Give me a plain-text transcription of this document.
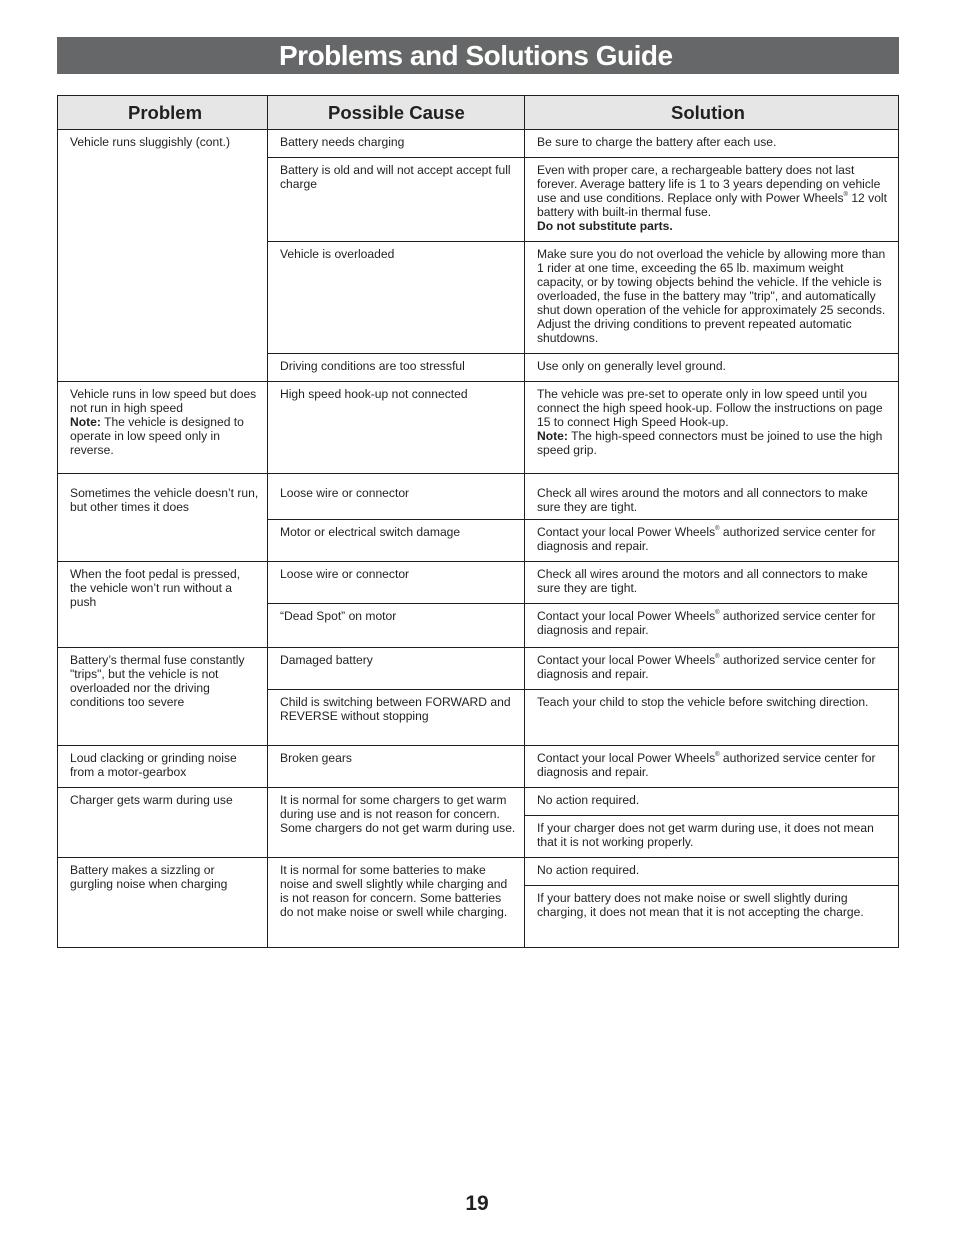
Problems and Solutions Guide
Problem	Possible Cause	Solution

Vehicle runs sluggishly (cont.)	Battery needs charging	Be sure to charge the battery after each use.

	Battery is old and will not accept accept full charge	Even with proper care, a rechargeable battery does not last forever. Average battery life is 1 to 3 years depending on vehicle use and use conditions. Replace only with Power Wheels® 12 volt battery with built-in thermal fuse.
Do not substitute parts.

	Vehicle is overloaded	Make sure you do not overload the vehicle by allowing more than 1 rider at one time, exceeding the 65 lb. maximum weight capacity, or by towing objects behind the vehicle. If the vehicle is overloaded, the fuse in the battery may "trip", and automatically shut down operation of the vehicle for approximately 25 seconds. Adjust the driving conditions to prevent repeated automatic shutdowns.

	Driving conditions are too stressful	Use only on generally level ground.

Vehicle runs in low speed but does not run in high speed
Note: The vehicle is designed to operate in low speed only in reverse.	High speed hook-up not connected	The vehicle was pre-set to operate only in low speed until you connect the high speed hook-up. Follow the instructions on page 15 to connect High Speed Hook-up.
Note: The high-speed connectors must be joined to use the high speed grip.

Sometimes the vehicle doesn’t run, but other times it does	Loose wire or connector	Check all wires around the motors and all connectors to make sure they are tight.

	Motor or electrical switch damage	Contact your local Power Wheels® authorized service center for diagnosis and repair.

When the foot pedal is pressed, the vehicle won’t run without a push	Loose wire or connector	Check all wires around the motors and all connectors to make sure they are tight.

	“Dead Spot” on motor	Contact your local Power Wheels® authorized service center for diagnosis and repair.

Battery’s thermal fuse constantly "trips", but the vehicle is not overloaded nor the driving conditions too severe	Damaged battery	Contact your local Power Wheels® authorized service center for diagnosis and repair.

	Child is switching between FORWARD and REVERSE without stopping	Teach your child to stop the vehicle before switching direction.

Loud clacking or grinding noise from a motor-gearbox	Broken gears	Contact your local Power Wheels® authorized service center for diagnosis and repair.

Charger gets warm during use	It is normal for some chargers to get warm during use and is not reason for concern. Some chargers do not get warm during use.	No action required.

		If your charger does not get warm during use, it does not mean that it is not working properly.

Battery makes a sizzling or gurgling noise when charging	It is normal for some batteries to make noise and swell slightly while charging and is not reason for concern. Some batteries do not make noise or swell while charging.	No action required.

		If your battery does not make noise or swell slightly during charging, it does not mean that it is not accepting the charge.
19
